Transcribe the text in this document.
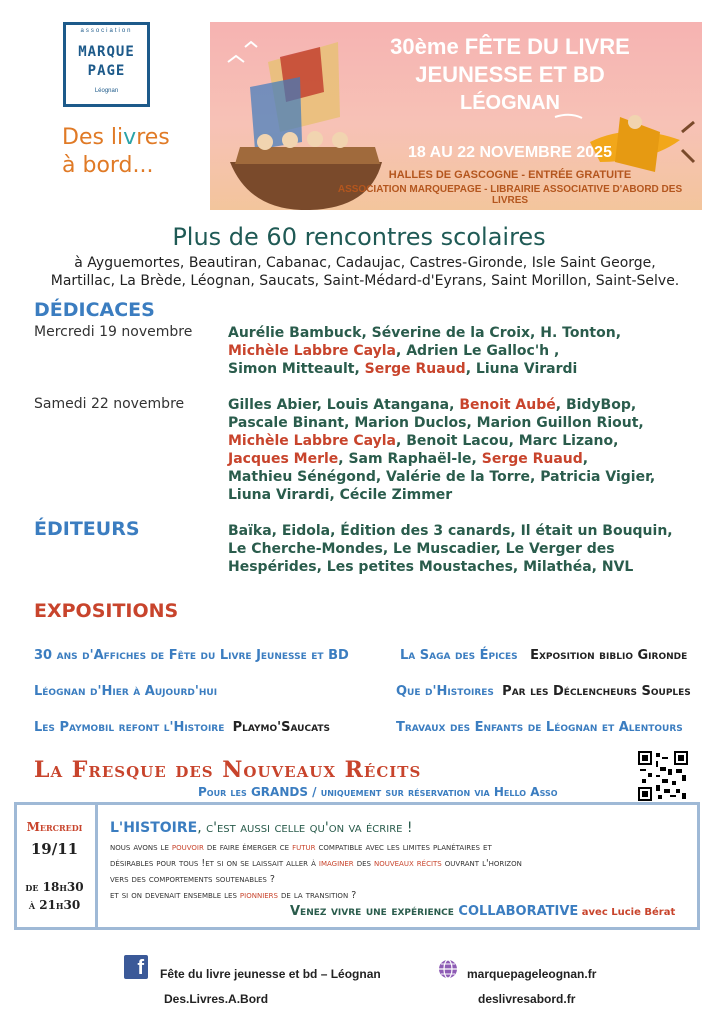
association
MARQUE
PAGE
Léognan
Des livres
à bord...
30ème FÊTE DU LIVRE
JEUNESSE ET BD
LÉOGNAN
18 AU 22 NOVEMBRE 2025
HALLES DE GASCOGNE - ENTRÉE GRATUITE
ASSOCIATION MARQUEPAGE - LIBRAIRIE ASSOCIATIVE D'ABORD DES LIVRES
Plus de 60 rencontres scolaires
à Ayguemortes, Beautiran, Cabanac, Cadaujac, Castres-Gironde, Isle Saint George,
Martillac, La Brède, Léognan, Saucats, Saint-Médard-d'Eyrans, Saint Morillon, Saint-Selve.
DÉDICACES
Mercredi 19 novembre	Aurélie Bambuck, Séverine de la Croix, H. Tonton,
Michèle Labbre Cayla, Adrien Le Galloc'h ,
Simon Mitteault, Serge Ruaud, Liuna Virardi
Samedi 22 novembre	Gilles Abier, Louis Atangana, Benoit Aubé, BidyBop,
Pascale Binant, Marion Duclos, Marion Guillon Riout,
Michèle Labbre Cayla, Benoit Lacou, Marc Lizano,
Jacques Merle, Sam Raphaël-le, Serge Ruaud,
Mathieu Sénégond, Valérie de la Torre, Patricia Vigier,
Liuna Virardi, Cécile Zimmer
ÉDITEURS	Baïka, Eidola, Édition des 3 canards, Il était un Bouquin,
Le Cherche-Mondes, Le Muscadier, Le Verger des
Hespérides, Les petites Moustaches, Milathéa, NVL
EXPOSITIONS
30 ans d'Affiches de Fête du Livre Jeunesse et BD	La Saga des Épices Exposition biblio Gironde
Léognan d'Hier à Aujourd'hui	Que d'Histoires Par les Déclencheurs Souples
Les Paymobil refont l'Histoire Playmo'Saucats	Travaux des Enfants de Léognan et Alentours
La Fresque des Nouveaux Récits
Pour les GRANDS / uniquement sur réservation via Hello Asso
Mercredi
19/11
de 18h30
à 21h30
L'HISTOIRE, c'est aussi celle qu'on va écrire !
nous avons le pouvoir de faire émerger ce futur compatible avec les limites planétaires et
désirables pour tous !et si on se laissait aller à imaginer des nouveaux récits ouvrant l'horizon
vers des comportements soutenables ?
et si on devenait ensemble les pionniers de la transition ?
Venez vivre une expérience COLLABORATIVE avec Lucie Bérat
f	Fête du livre jeunesse et bd – Léognan
Des.Livres.A.Bord
marquepageleognan.fr
deslivresabord.fr
